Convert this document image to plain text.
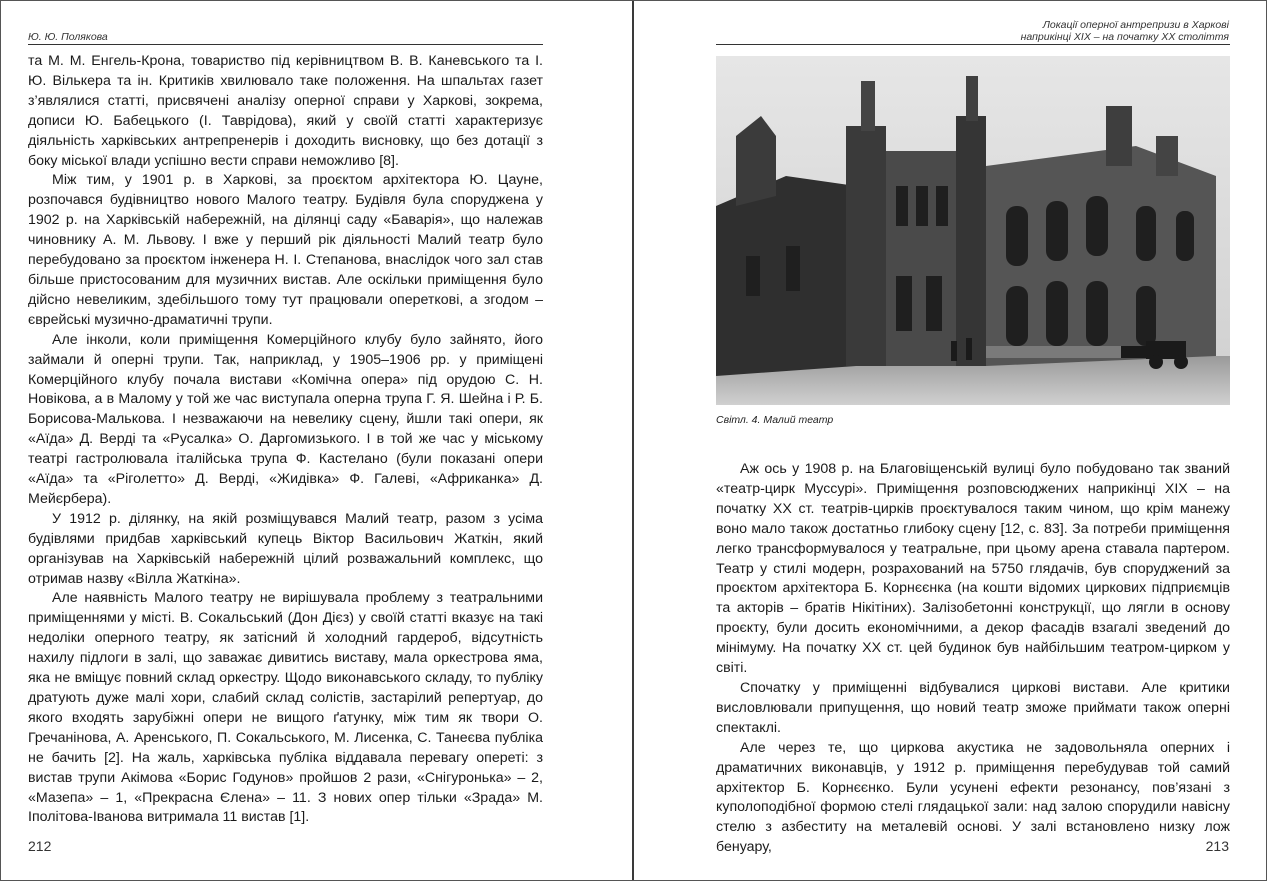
Ю. Ю. Полякова

та М. М. Енгель-Крона, товариство під керівництвом В. В. Каневського та І. Ю. Вількера та ін. Критиків хвилювало таке положення. На шпальтах газет з’являлися статті, присвячені аналізу оперної справи у Харкові, зокрема, дописи Ю. Бабецького (І. Таврідова), який у своїй статті характеризує діяльність харківських антрепренерів і доходить висновку, що без дотації з боку міської влади успішно вести справи неможливо [8].

Між тим, у 1901 р. в Харкові, за проєктом архітектора Ю. Цауне, розпочався будівництво нового Малого театру. Будівля була споруджена у 1902 р. на Харківській набережній, на ділянці саду «Баварія», що належав чиновнику А. М. Львову. І вже у перший рік діяльності Малий театр було перебудовано за проєктом інженера Н. І. Степанова, внаслідок чого зал став більше пристосованим для музичних вистав. Але оскільки приміщення було дійсно невеликим, здебільшого тому тут працювали оперетковi, а згодом – єврейські музично-драматичні трупи.

Але інколи, коли приміщення Комерційного клубу було зайнято, його займали й оперні трупи. Так, наприклад, у 1905–1906 рр. у приміщені Комерційного клубу почала вистави «Комічна опера» під орудою С. Н. Новікова, а в Малому у той же час виступала оперна трупа Г. Я. Шейна і Р. Б. Борисова-Малькова. І незважаючи на невелику сцену, йшли такі опери, як «Аїда» Д. Верді та «Русалка» О. Даргомизького. І в той же час у міському театрі гастролювала італійська трупа Ф. Кастелано (були показані опери «Аїда» та «Ріголетто» Д. Верді, «Жидівка» Ф. Галеві, «Африканка» Д. Мейєрбера).

У 1912 р. ділянку, на якій розміщувався Малий театр, разом з усіма будівлями придбав харківський купець Віктор Васильович Жаткін, який організував на Харківській набережній цілий розважальний комплекс, що отримав назву «Вілла Жаткіна».

Але наявність Малого театру не вирішувала проблему з театральними приміщеннями у місті. В. Сокальський (Дон Дієз) у своїй статті вказує на такі недоліки оперного театру, як затісний й холодний гардероб, відсутність нахилу підлоги в залі, що заважає дивитись виставу, мала оркестрова яма, яка не вміщує повний склад оркестру. Щодо виконавського складу, то публіку дратують дуже малі хори, слабий склад солістів, застарілий репертуар, до якого входять зарубіжні опери не вищого ґатунку, між тим як твори О. Гречанінова, А. Аренського, П. Сокальського, М. Лисенка, С. Танеєва публіка не бачить [2]. На жаль, харківська публіка віддавала перевагу опереті: з вистав трупи Акімова «Борис Годунов» пройшов 2 рази, «Снігуронька» – 2, «Мазепа» – 1, «Прекрасна Єлена» – 11. З нових опер тільки «Зрада» М. Іполітова-Іванова витримала 11 вистав [1].

212
Локації оперної антрепризи в Харкові
наприкінці ХІХ – на початку ХХ століття
Світл. 4. Малий театр

Аж ось у 1908 р. на Благовіщенській вулиці було побудовано так званий «театр-цирк Муссурі». Приміщення розповсюджених наприкінці ХІХ – на початку ХХ ст. театрів-цирків проєктувалося таким чином, що крім манежу воно мало також достатньо глибоку сцену [12, с. 83]. За потреби приміщення легко трансформувалося у театральне, при цьому арена ставала партером. Театр у стилі модерн, розрахований на 5750 глядачів, був споруджений за проєктом архітектора Б. Корнєєнка (на кошти відомих циркових підприємців та акторів – братів Нікітіних). Залізобетонні конструкції, що лягли в основу проєкту, були досить економічними, а декор фасадів взагалі зведений до мінімуму. На початку ХХ ст. цей будинок був найбільшим театром-цирком у світі.

Спочатку у приміщенні відбувалися циркові вистави. Але критики висловлювали припущення, що новий театр зможе приймати також оперні спектаклі.

Але через те, що циркова акустика не задовольняла оперних і драматичних виконавців, у 1912 р. приміщення перебудував той самий архітектор Б. Корнєєнко. Були усунені ефекти резонансу, пов’язані з куполоподібної формою стелі глядацької зали: над залою спорудили навісну стелю з азбеститу на металевій основі. У залі встановлено низку лож бенуару,	213
